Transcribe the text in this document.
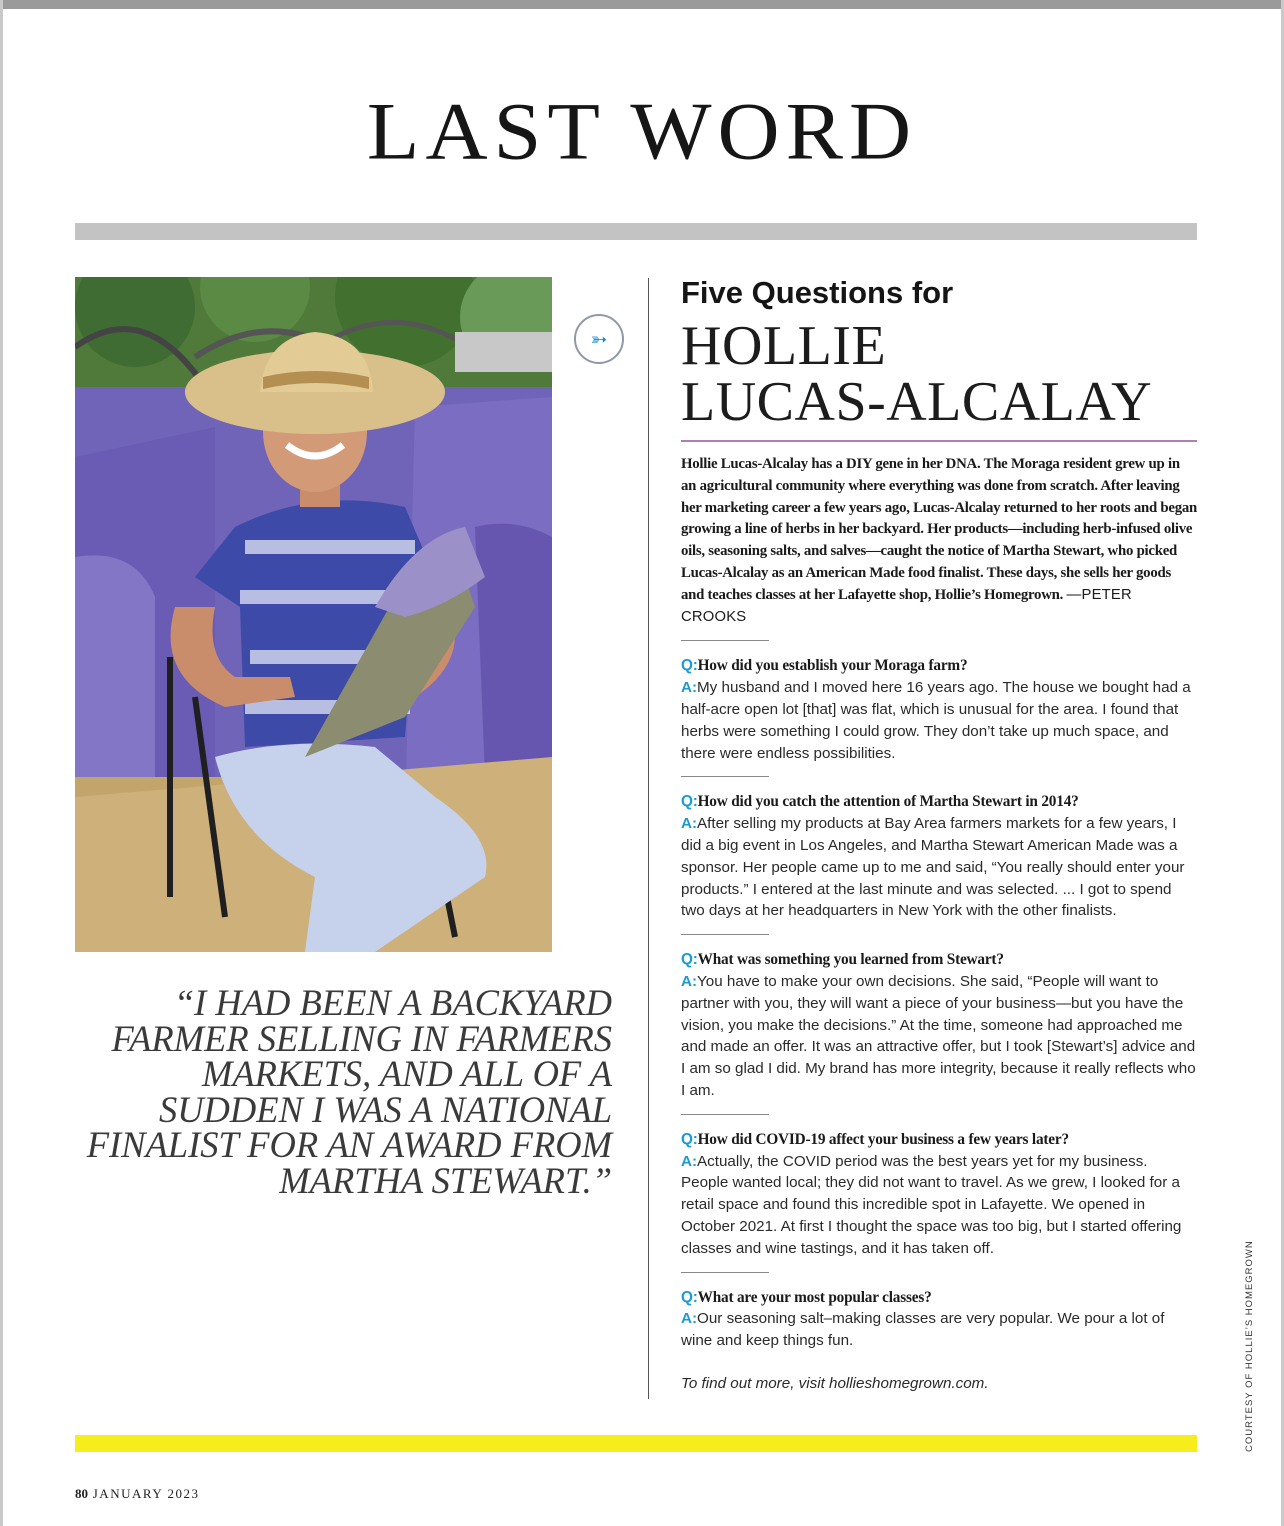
LAST WORD
➳

“I HAD BEEN A BACKYARD FARMER SELLING IN FARMERS MARKETS, AND ALL OF A SUDDEN I WAS A NATIONAL FINALIST FOR AN AWARD FROM MARTHA STEWART.”

Five Questions for
HOLLIE
LUCAS-ALCALAY

Hollie Lucas-Alcalay has a DIY gene in her DNA. The Moraga resident grew up in an agricultural community where everything was done from scratch. After leaving her marketing career a few years ago, Lucas-Alcalay returned to her roots and began growing a line of herbs in her backyard. Her products—including herb-infused olive oils, seasoning salts, and salves—caught the notice of Martha Stewart, who picked Lucas-Alcalay as an American Made food finalist. These days, she sells her goods and teaches classes at her Lafayette shop, Hollie’s Homegrown. —PETER CROOKS

Q:How did you establish your Moraga farm?

A:My husband and I moved here 16 years ago. The house we bought had a half-acre open lot [that] was flat, which is unusual for the area. I found that herbs were something I could grow. They don’t take up much space, and there were endless possibilities.

Q:How did you catch the attention of Martha Stewart in 2014?

A:After selling my products at Bay Area farmers markets for a few years, I did a big event in Los Angeles, and Martha Stewart American Made was a sponsor. Her people came up to me and said, “You really should enter your products.” I entered at the last minute and was selected. ... I got to spend two days at her headquarters in New York with the other finalists.

Q:What was something you learned from Stewart?

A:You have to make your own decisions. She said, “People will want to partner with you, they will want a piece of your business—but you have the vision, you make the decisions.” At the time, someone had approached me and made an offer. It was an attractive offer, but I took [Stewart’s] advice and I am so glad I did. My brand has more integrity, because it really reflects who I am.

Q:How did COVID-19 affect your business a few years later?

A:Actually, the COVID period was the best years yet for my business. People wanted local; they did not want to travel. As we grew, I looked for a retail space and found this incredible spot in Lafayette. We opened in October 2021. At first I thought the space was too big, but I started offering classes and wine tastings, and it has taken off.

Q:What are your most popular classes?

A:Our seasoning salt–making classes are very popular. We pour a lot of wine and keep things fun.

To find out more, visit hollieshomegrown.com.

80 JANUARY 2023
COURTESY OF HOLLIE’S HOMEGROWN
